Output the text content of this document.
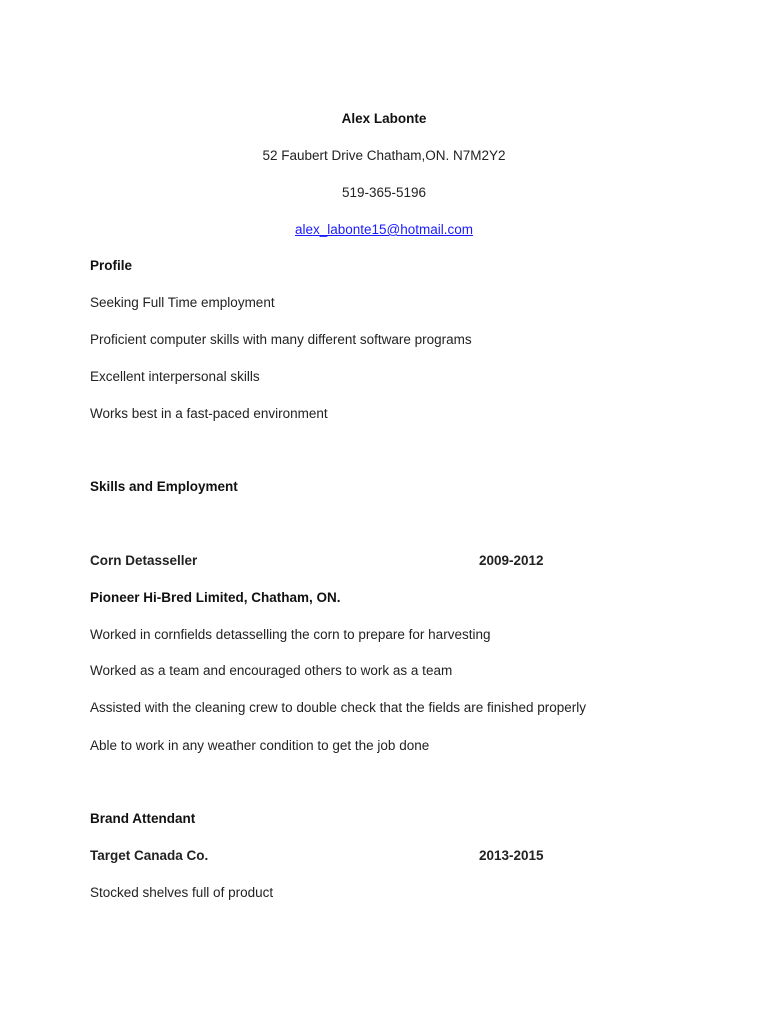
Alex Labonte
52 Faubert Drive Chatham,ON. N7M2Y2
519-365-5196
alex_labonte15@hotmail.com
Profile
Seeking Full Time employment
Proficient computer skills with many different software programs
Excellent interpersonal skills
Works best in a fast-paced environment
Skills and Employment
Corn Detasseller	2009-2012
Pioneer Hi-Bred Limited, Chatham, ON.
Worked in cornfields detasselling the corn to prepare for harvesting
Worked as a team and encouraged others to work as a team
Assisted with the cleaning crew to double check that the fields are finished properly
Able to work in any weather condition to get the job done
Brand Attendant
Target Canada Co.	2013-2015
Stocked shelves full of product
